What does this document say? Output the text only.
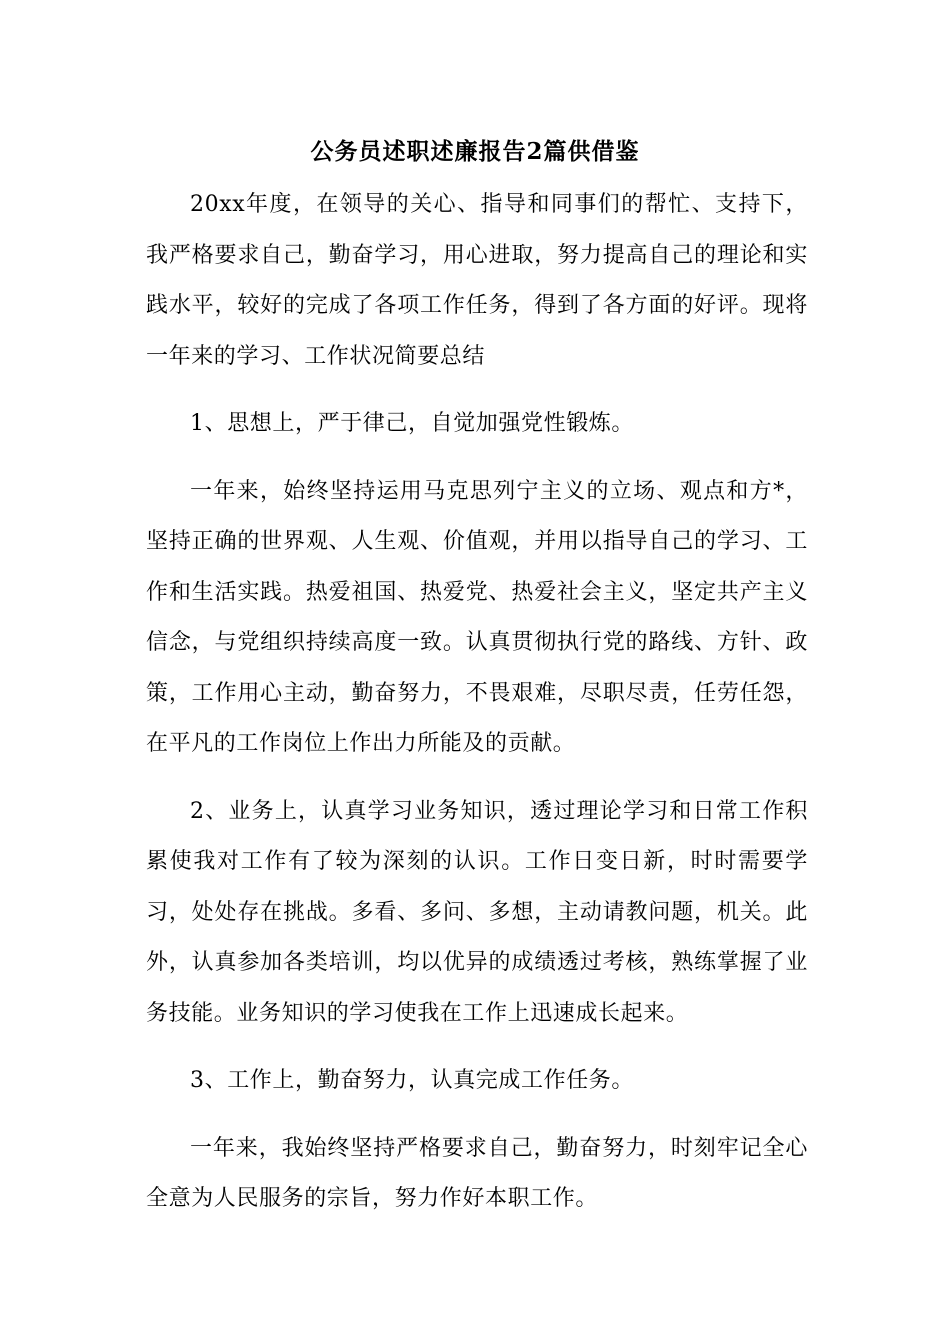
公务员述职述廉报告2篇供借鉴

20xx年度，在领导的关心、指导和同事们的帮忙、支持下，我严格要求自己，勤奋学习，用心进取，努力提高自己的理论和实践水平，较好的完成了各项工作任务，得到了各方面的好评。现将一年来的学习、工作状况简要总结

1、思想上，严于律己，自觉加强党性锻炼。

一年来，始终坚持运用马克思列宁主义的立场、观点和方*，坚持正确的世界观、人生观、价值观，并用以指导自己的学习、工作和生活实践。热爱祖国、热爱党、热爱社会主义，坚定共产主义信念，与党组织持续高度一致。认真贯彻执行党的路线、方针、政策，工作用心主动，勤奋努力，不畏艰难，尽职尽责，任劳任怨，在平凡的工作岗位上作出力所能及的贡献。

2、业务上，认真学习业务知识，透过理论学习和日常工作积累使我对工作有了较为深刻的认识。工作日变日新，时时需要学习，处处存在挑战。多看、多问、多想，主动请教问题，机关。此外，认真参加各类培训，均以优异的成绩透过考核，熟练掌握了业务技能。业务知识的学习使我在工作上迅速成长起来。

3、工作上，勤奋努力，认真完成工作任务。

一年来，我始终坚持严格要求自己，勤奋努力，时刻牢记全心全意为人民服务的宗旨，努力作好本职工作。
